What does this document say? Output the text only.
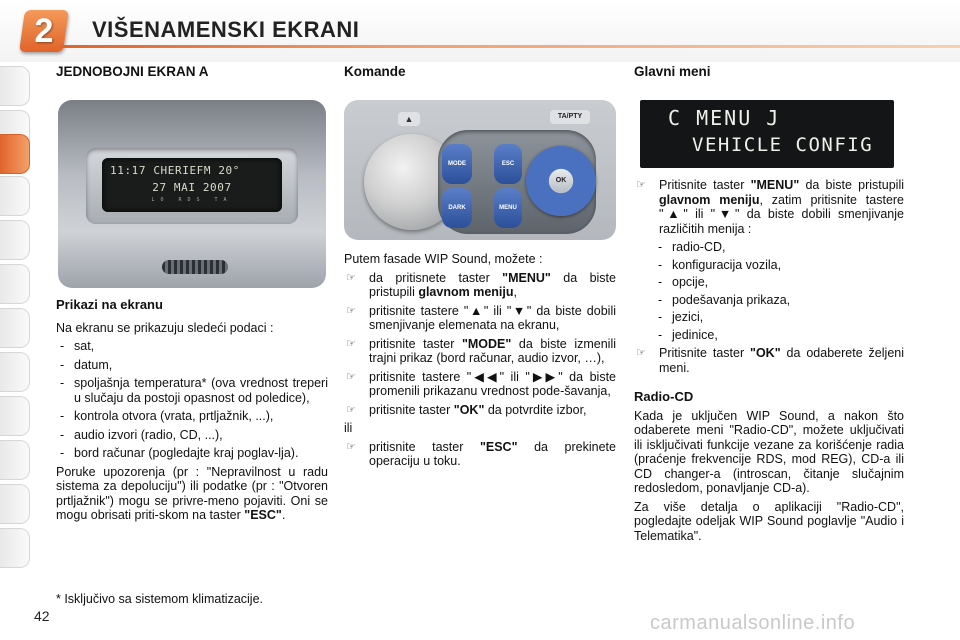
2	VIŠENAMENSKI EKRANI
JEDNOBOJNI EKRAN A	Komande	Glavni meni
11:17 CHERIEFM 20°
27 MAI 2007
LO RDS TA
▲	TA/PTY
MODE
DARK
ESC
MENU
OK
C MENU J
VEHICLE CONFIG
Prikazi na ekranu

Na ekranu se prikazuju sledeći podaci :

- sat,
- datum,
- spoljašnja temperatura* (ova vrednost treperi u slučaju da postoji opasnost od poledice),
- kontrola otvora (vrata, prtljažnik, ...),
- audio izvori (radio, CD, ...),
- bord računar (pogledajte kraj poglav-lja).

Poruke upozorenja (pr : "Nepravilnost u radu sistema za depoluciju") ili podatke (pr : "Otvoren prtljažnik") mogu se privre-meno pojaviti. Oni se mogu obrisati priti-skom na taster "ESC".

* Isključivo sa sistemom klimatizacije.

Putem fasade WIP Sound, možete :

☞ da pritisnete taster "MENU" da biste pristupili glavnom meniju,
☞ pritisnite tastere "▲" ili "▼" da biste dobili smenjivanje elemenata na ekranu,
☞ pritisnite taster "MODE" da biste izmenili trajni prikaz (bord računar, audio izvor, …),
☞ pritisnite tastere "◀◀" ili "▶▶" da biste promenili prikazanu vrednost pode-šavanja,
☞ pritisnite taster "OK" da potvrdite izbor,

ili

☞ pritisnite taster "ESC" da prekinete operaciju u toku.
☞ Pritisnite taster "MENU" da biste pristupili glavnom meniju, zatim pritisnite tastere "▲" ili "▼" da biste dobili smenjivanje različitih menija :
- radio-CD,
- konfiguracija vozila,
- opcije,
- podešavanja prikaza,
- jezici,
- jedinice,
☞ Pritisnite taster "OK" da odaberete željeni meni.
Radio-CD

Kada je uključen WIP Sound, a nakon što odaberete meni "Radio-CD", možete uključivati ili isključivati funkcije vezane za korišćenje radia (praćenje frekvencije RDS, mod REG), CD-a ili CD changer-a (introscan, čitanje slučajnim redosledom, ponavljanje CD-a).

Za više detalja o aplikaciji "Radio-CD", pogledajte odeljak WIP Sound poglavlje "Audio i Telematika".

42	carmanualsonline.info
